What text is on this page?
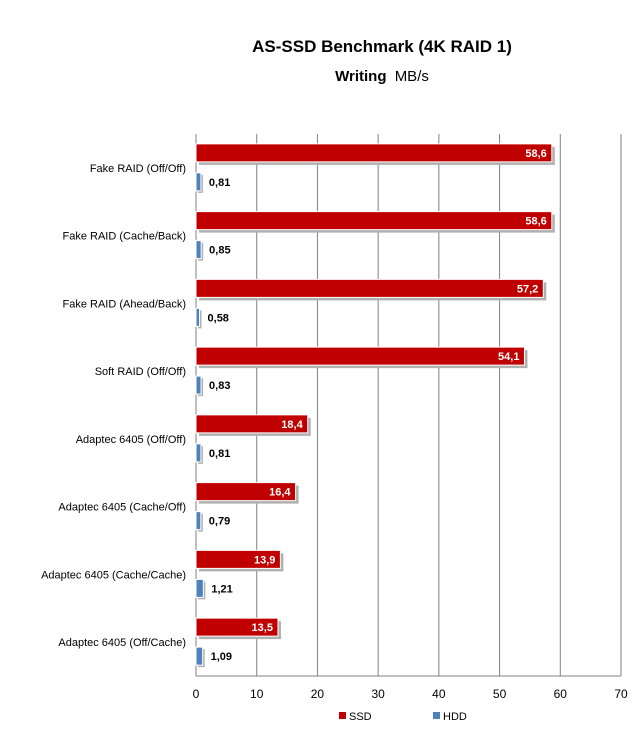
AS-SSD Benchmark (4K RAID 1)
Writing MB/s
0	10	20	30	40	50	60	70
Fake RAID (Off/Off)
58,6
0,81
Fake RAID (Cache/Back)
58,6
0,85
Fake RAID (Ahead/Back)
57,2
0,58
Soft RAID (Off/Off)
54,1
0,83
Adaptec 6405 (Off/Off)
18,4
0,81
Adaptec 6405 (Cache/Off)
16,4
0,79
Adaptec 6405 (Cache/Cache)
13,9
1,21
Adaptec 6405 (Off/Cache)
13,5
1,09
SSD	HDD
